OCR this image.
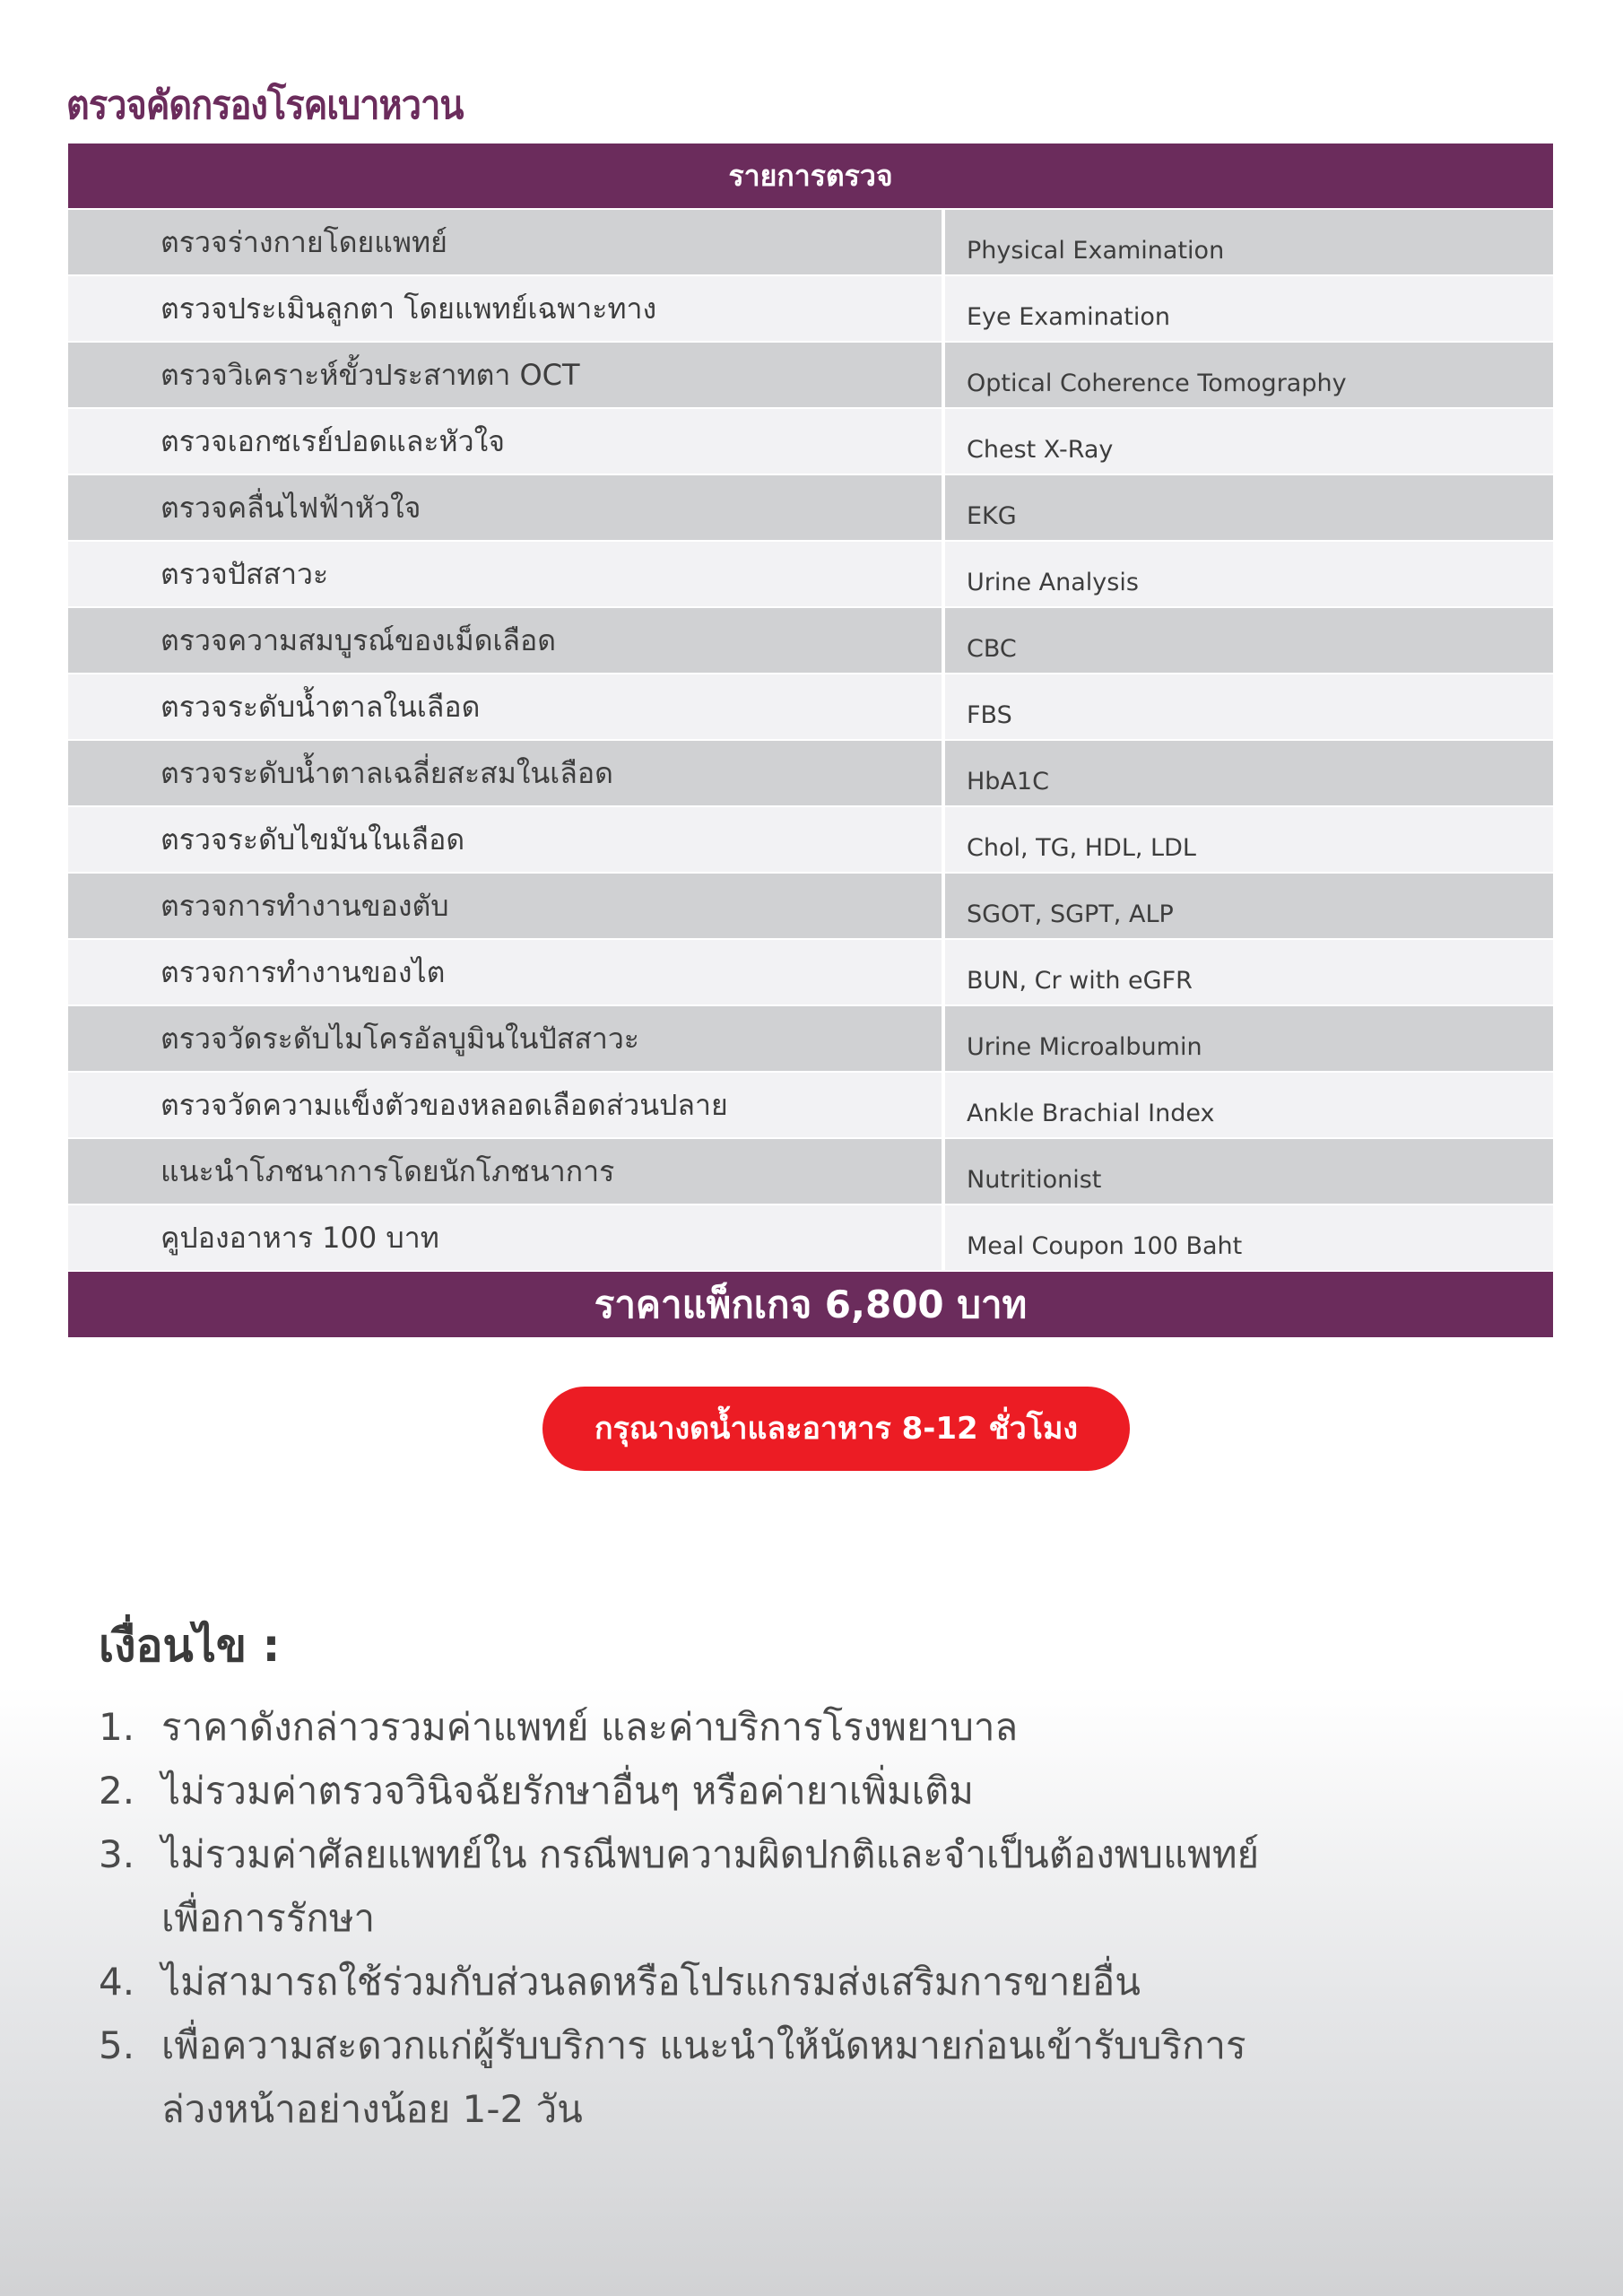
ตรวจคัดกรองโรคเบาหวาน
รายการตรวจ
ตรวจร่างกายโดยแพทย์	Physical Examination
ตรวจประเมินลูกตา โดยแพทย์เฉพาะทาง	Eye Examination
ตรวจวิเคราะห์ขั้วประสาทตา OCT	Optical Coherence Tomography
ตรวจเอกซเรย์ปอดและหัวใจ	Chest X-Ray
ตรวจคลื่นไฟฟ้าหัวใจ	EKG
ตรวจปัสสาวะ	Urine Analysis
ตรวจความสมบูรณ์ของเม็ดเลือด	CBC
ตรวจระดับน้ำตาลในเลือด	FBS
ตรวจระดับน้ำตาลเฉลี่ยสะสมในเลือด	HbA1C
ตรวจระดับไขมันในเลือด	Chol, TG, HDL, LDL
ตรวจการทำงานของตับ	SGOT, SGPT, ALP
ตรวจการทำงานของไต	BUN, Cr with eGFR
ตรวจวัดระดับไมโครอัลบูมินในปัสสาวะ	Urine Microalbumin
ตรวจวัดความแข็งตัวของหลอดเลือดส่วนปลาย	Ankle Brachial Index
แนะนำโภชนาการโดยนักโภชนาการ	Nutritionist
คูปองอาหาร 100 บาท	Meal Coupon 100 Baht
ราคาแพ็กเกจ 6,800 บาท
กรุณางดน้ำและอาหาร 8-12 ชั่วโมง
เงื่อนไข :
1. ราคาดังกล่าวรวมค่าแพทย์ และค่าบริการโรงพยาบาล
2. ไม่รวมค่าตรวจวินิจฉัยรักษาอื่นๆ หรือค่ายาเพิ่มเติม
3. ไม่รวมค่าศัลยแพทย์ใน กรณีพบความผิดปกติและจำเป็นต้องพบแพทย์
เพื่อการรักษา
4. ไม่สามารถใช้ร่วมกับส่วนลดหรือโปรแกรมส่งเสริมการขายอื่น
5. เพื่อความสะดวกแก่ผู้รับบริการ แนะนำให้นัดหมายก่อนเข้ารับบริการ
ล่วงหน้าอย่างน้อย 1-2 วัน
